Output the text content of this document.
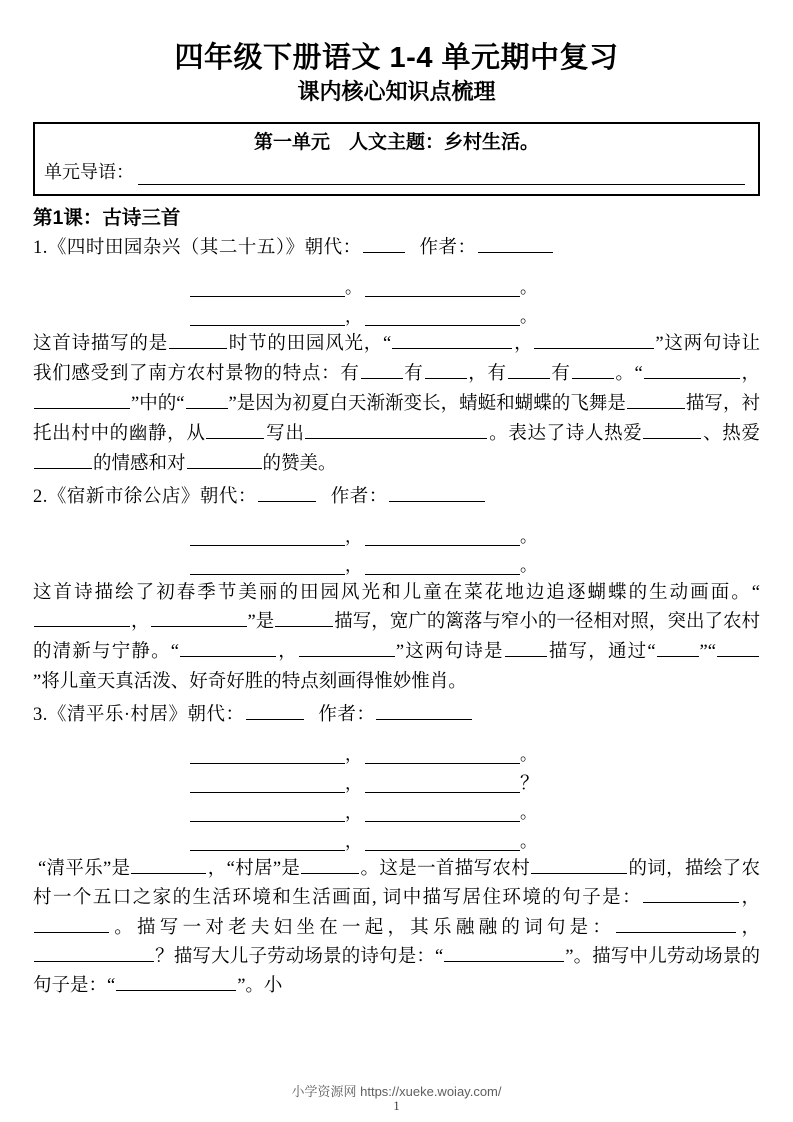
四年级下册语文 1-4 单元期中复习
课内核心知识点梳理
第一单元　人文主题：乡村生活。
单元导语：
第1课：古诗三首
1.《四时田园杂兴（其二十五）》朝代：	作者：
。	。
，	。

这首诗描写的是	时节的田园风光，“	，	”这两句诗让我们感受到了南方农村景物的特点：有 有 ，有 有 。“	，”中的“ ”是因为初夏白天渐渐变长，蜻蜓和蝴蝶的飞舞是	描写，衬托出村中的幽静，从	写出	。表达了诗人热爱	、热爱的情感和对	的赞美。

2.《宿新市徐公店》朝代：	作者：
，	。
，	。

这首诗描绘了初春季节美丽的田园风光和儿童在菜花地边追逐蝴蝶的生动画面。“，	”是	描写，宽广的篱落与窄小的一径相对照，突出了农村的清新与宁静。“	，	”这两句诗是 描写，通过“ ”“”将儿童天真活泼、好奇好胜的特点刻画得惟妙惟肖。

3.《清平乐·村居》朝代：	作者：
，	。
，	？
，	。
，	。

“清平乐”是	，“村居”是	。这是一首描写农村	的词，描绘了农村一个五口之家的生活环境和生活画面, 词中描写居住环境的句子是：	，。描写一对老夫妇坐在一起，其乐融融的词句是：	，？描写大儿子劳动场景的诗句是：“	”。描写中儿劳动场景的句子是：“	”。小

小学资源网 https://xueke.woiay.com/
1
